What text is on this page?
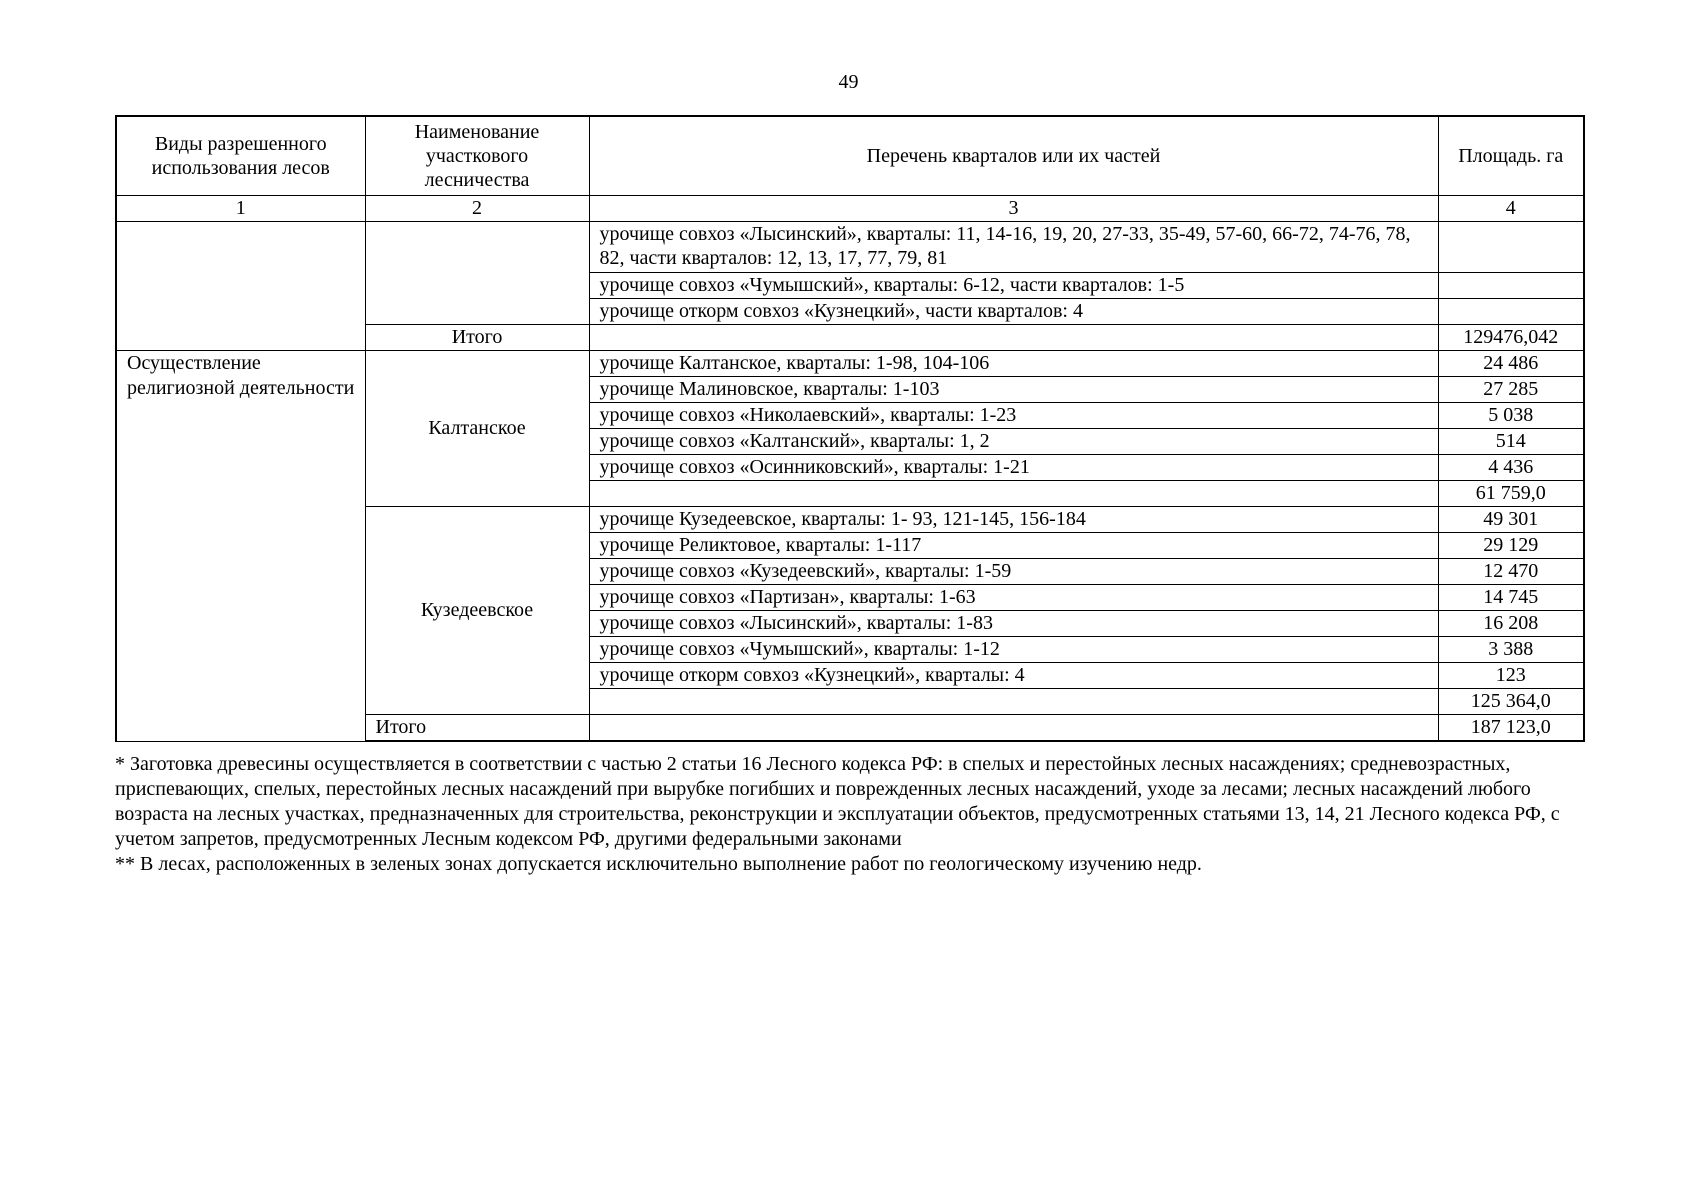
49
Виды разрешенного использования лесов	Наименование участкового лесничества	Перечень кварталов или их частей	Площадь. га
1	2	3	4
		урочище совхоз «Лысинский», кварталы: 11, 14-16, 19, 20, 27-33, 35-49, 57-60, 66-72, 74-76, 78, 82, части кварталов: 12, 13, 17, 77, 79, 81	
		урочище совхоз «Чумышский», кварталы: 6-12, части кварталов: 1-5	
		урочище откорм совхоз «Кузнецкий», части кварталов: 4	
	Итого		129476,042
Осуществление религиозной деятельности	Калтанское	урочище Калтанское, кварталы: 1-98, 104-106	24 486
		урочище Малиновское, кварталы: 1-103	27 285
		урочище совхоз «Николаевский», кварталы: 1-23	5 038
		урочище совхоз «Калтанский», кварталы: 1, 2	514
		урочище совхоз «Осинниковский», кварталы: 1-21	4 436
			61 759,0
	Кузедеевское	урочище Кузедеевское, кварталы: 1- 93, 121-145, 156-184	49 301
		урочище Реликтовое, кварталы: 1-117	29 129
		урочище совхоз «Кузедеевский», кварталы: 1-59	12 470
		урочище совхоз «Партизан», кварталы: 1-63	14 745
		урочище совхоз «Лысинский», кварталы: 1-83	16 208
		урочище совхоз «Чумышский», кварталы: 1-12	3 388
		урочище откорм совхоз «Кузнецкий», кварталы: 4	123
			125 364,0
	Итого		187 123,0

* Заготовка древесины осуществляется в соответствии с частью 2 статьи 16 Лесного кодекса РФ: в спелых и перестойных лесных насаждениях; средневозрастных, приспевающих, спелых, перестойных лесных насаждений при вырубке погибших и поврежденных лесных насаждений, уходе за лесами; лесных насаждений любого возраста на лесных участках, предназначенных для строительства, реконструкции и эксплуатации объектов, предусмотренных статьями 13, 14, 21 Лесного кодекса РФ, с учетом запретов, предусмотренных Лесным кодексом РФ, другими федеральными законами

** В лесах, расположенных в зеленых зонах допускается исключительно выполнение работ по геологическому изучению недр.
